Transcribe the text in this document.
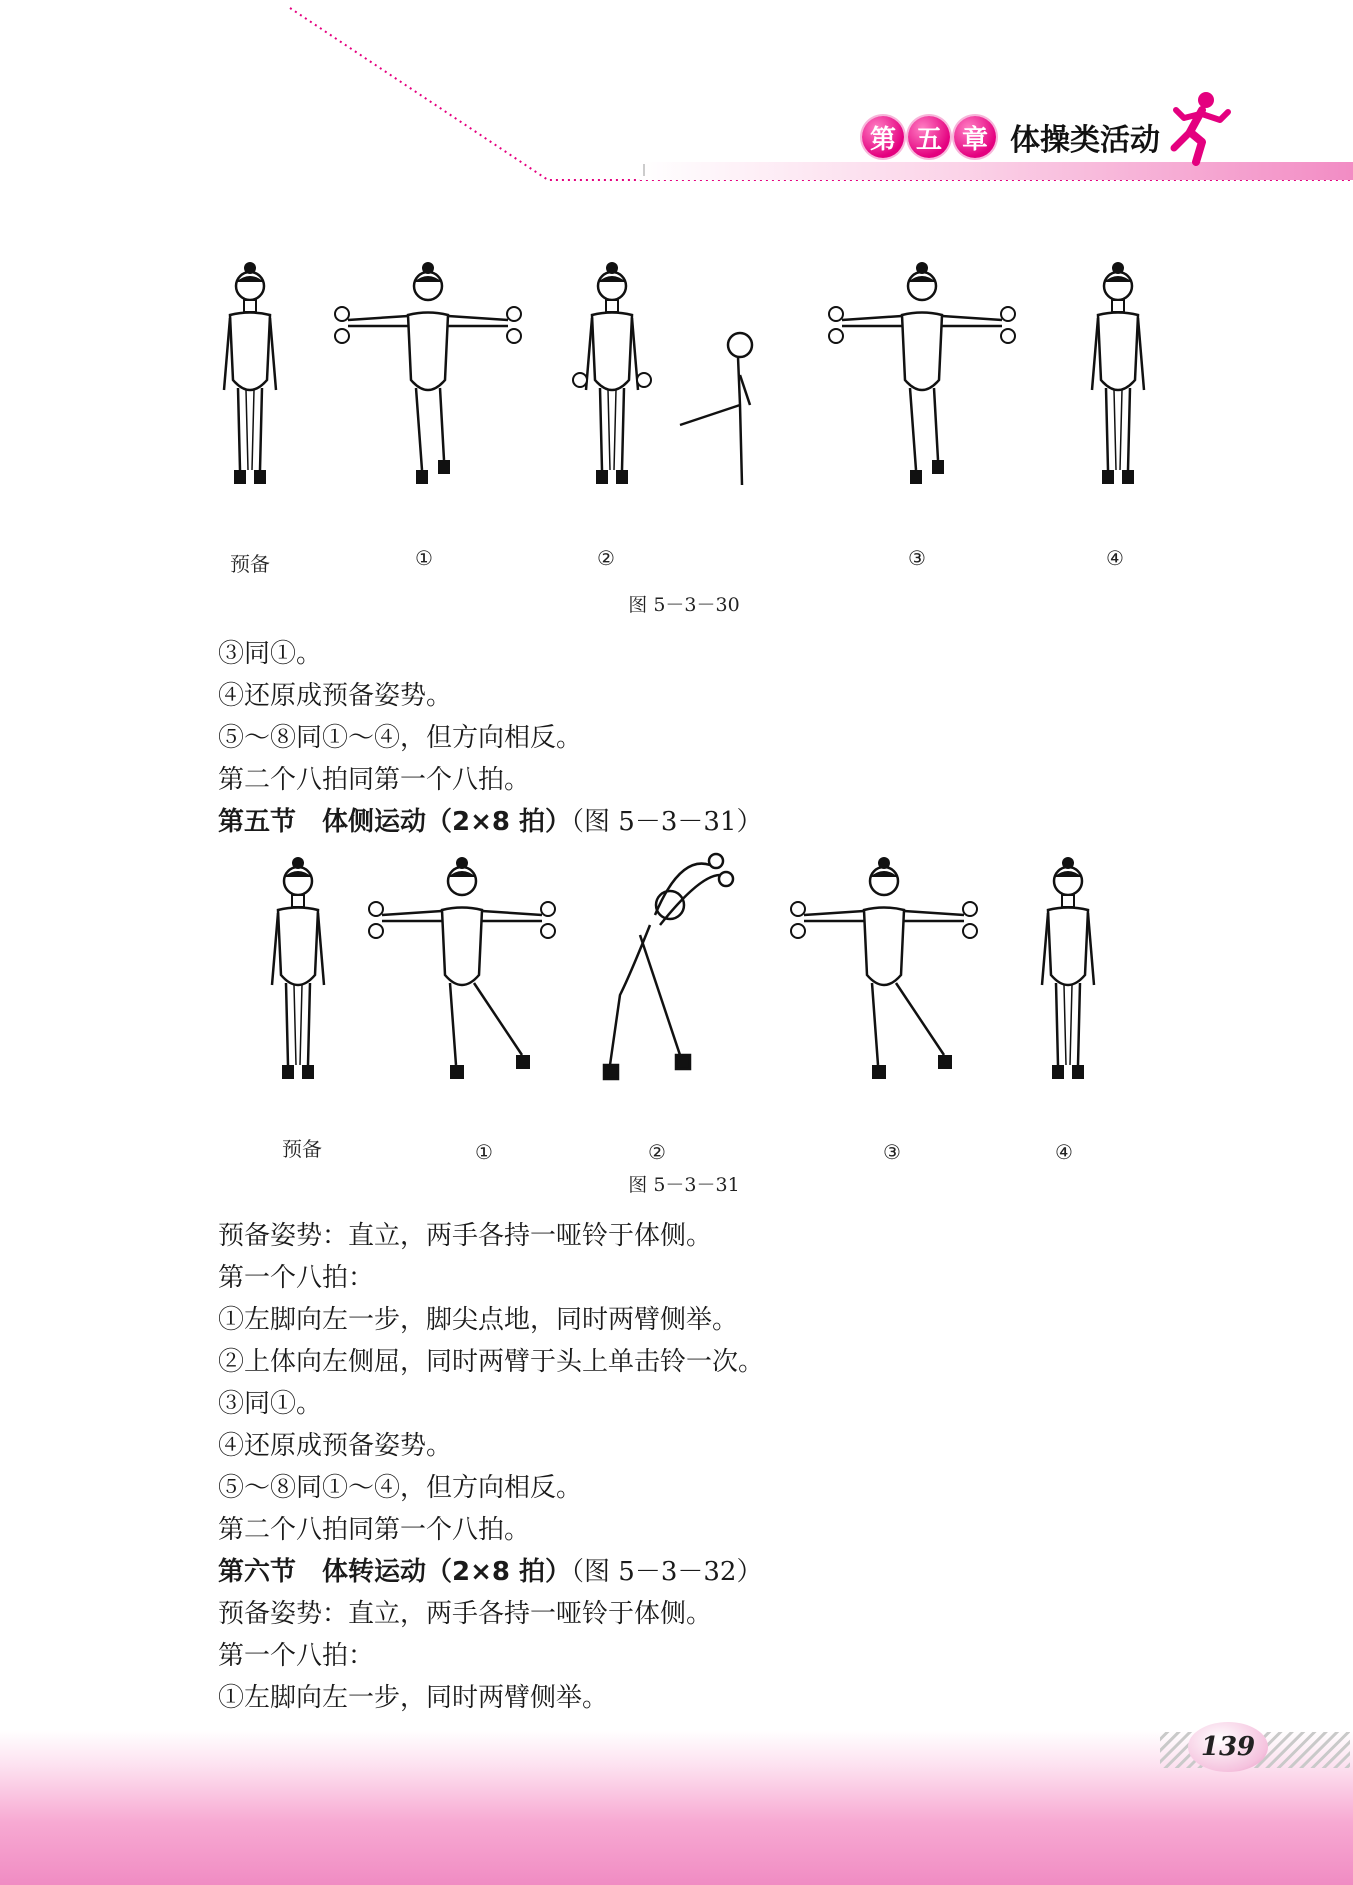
第 五 章 体操类活动
预备	①	②	③	④
图 5－3－30
③同①。
④还原成预备姿势。
⑤～⑧同①～④，但方向相反。
第二个八拍同第一个八拍。
第五节　体侧运动（2×8 拍）（图 5－3－31）
预备	①	②	③	④
图 5－3－31
预备姿势：直立，两手各持一哑铃于体侧。
第一个八拍：
①左脚向左一步，脚尖点地，同时两臂侧举。
②上体向左侧屈，同时两臂于头上单击铃一次。
③同①。
④还原成预备姿势。
⑤～⑧同①～④，但方向相反。
第二个八拍同第一个八拍。
第六节　体转运动（2×8 拍）（图 5－3－32）
预备姿势：直立，两手各持一哑铃于体侧。
第一个八拍：
①左脚向左一步，同时两臂侧举。
139
